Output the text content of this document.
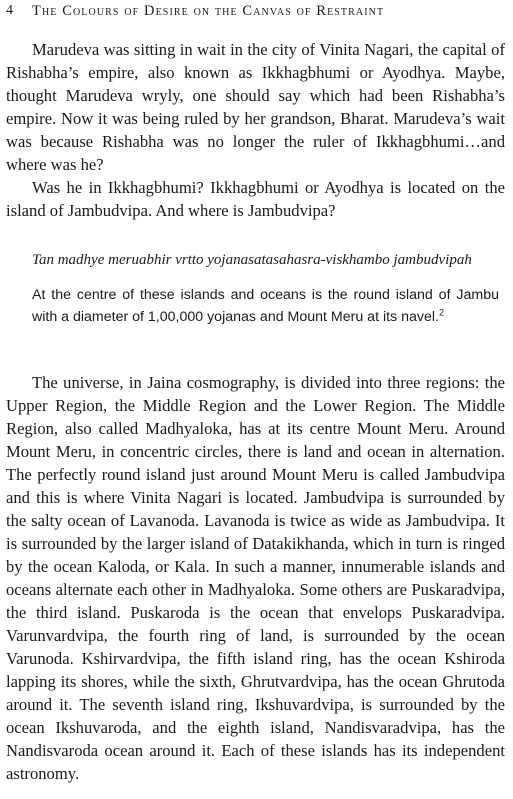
4 The Colours of Desire on the Canvas of Restraint

Marudeva was sitting in wait in the city of Vinita Nagari, the capital of Rishabha’s empire, also known as Ikkhagbhumi or Ayodhya. Maybe, thought Marudeva wryly, one should say which had been Rishabha’s empire. Now it was being ruled by her grandson, Bharat. Marudeva’s wait was because Rishabha was no longer the ruler of Ikkhagbhumi…and where was he?

Was he in Ikkhagbhumi? Ikkhagbhumi or Ayodhya is located on the island of Jambudvipa. And where is Jambudvipa?

Tan madhye meruabhir vrtto yojanasatasahasra-viskhambo jambudvipah
At the centre of these islands and oceans is the round island of Jambu with a diameter of 1,00,000 yojanas and Mount Meru at its navel.$^2$

The universe, in Jaina cosmography, is divided into three regions: the Upper Region, the Middle Region and the Lower Region. The Middle Region, also called Madhyaloka, has at its centre Mount Meru. Around Mount Meru, in concentric circles, there is land and ocean in alternation. The perfectly round island just around Mount Meru is called Jambudvipa and this is where Vinita Nagari is located. Jambudvipa is surrounded by the salty ocean of Lavanoda. Lavanoda is twice as wide as Jambudvipa. It is surrounded by the larger island of Datakikhanda, which in turn is ringed by the ocean Kaloda, or Kala. In such a manner, innumerable islands and oceans alternate each other in Madhyaloka. Some others are Puskaradvipa, the third island. Puskaroda is the ocean that envelops Puskaradvipa. Varunvardvipa, the fourth ring of land, is surrounded by the ocean Varunoda. Kshirvardvipa, the fifth island ring, has the ocean Kshiroda lapping its shores, while the sixth, Ghrutvardvipa, has the ocean Ghrutoda around it. The seventh island ring, Ikshuvardvipa, is surrounded by the ocean Ikshuvaroda, and the eighth island, Nandisvaradvipa, has the Nandisvaroda ocean around it. Each of these islands has its independent astronomy.
